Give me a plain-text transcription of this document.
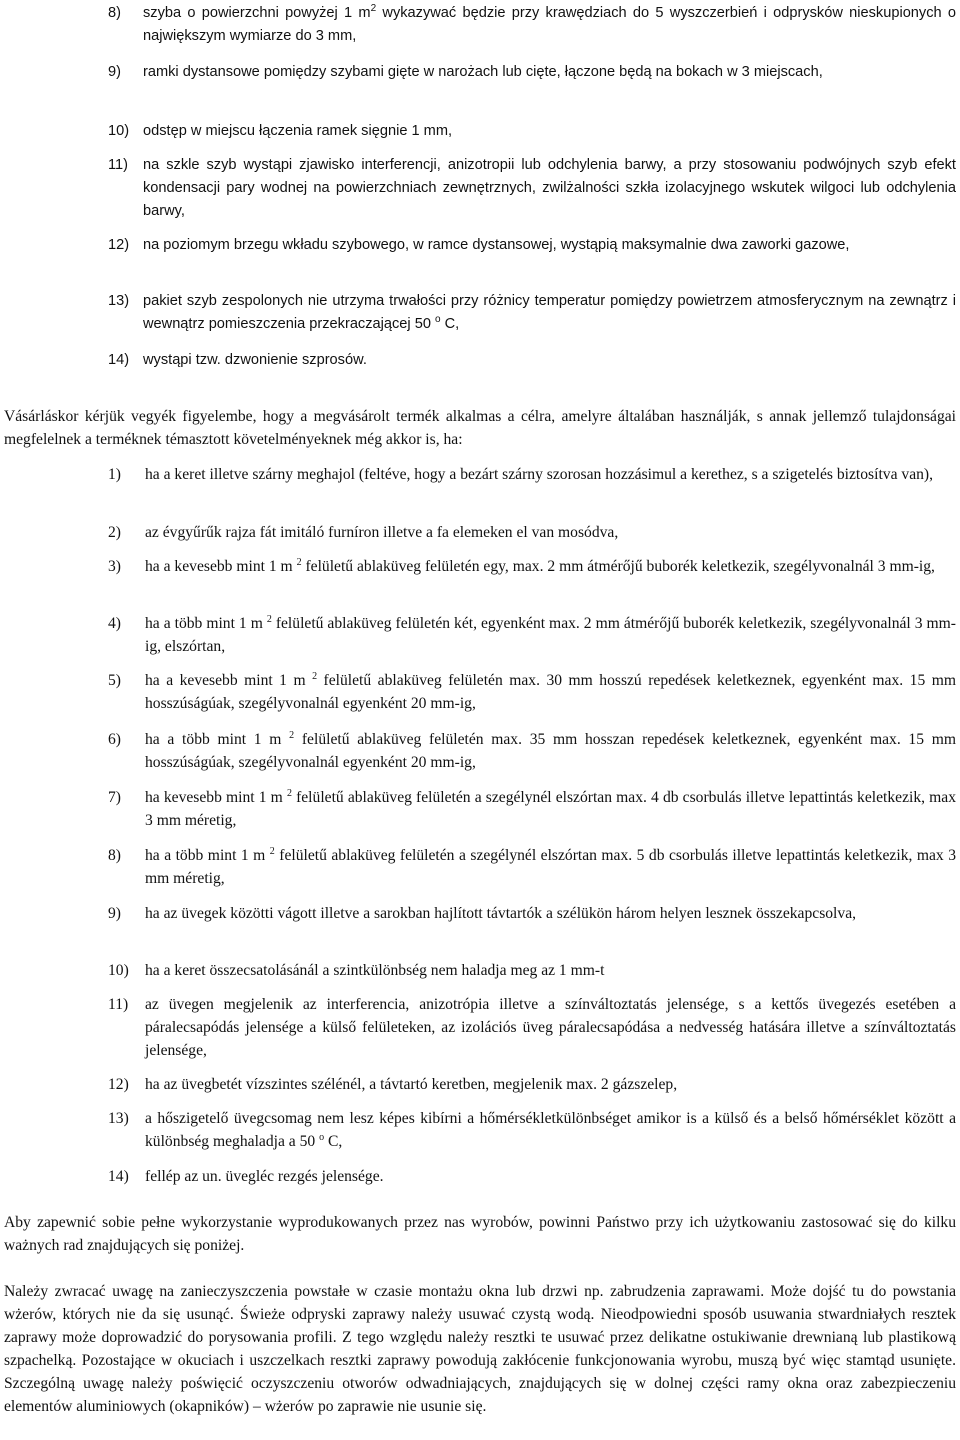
8) szyba o powierzchni powyżej 1 $m^2$ wykazywać będzie przy krawędziach do 5 wyszczerbień i odprysków nieskupionych o największym wymiarze do 3 mm,
9) ramki dystansowe pomiędzy szybami gięte w narożach lub cięte, łączone będą na bokach w 3 miejscach,
10) odstęp w miejscu łączenia ramek sięgnie 1 mm,
11) na szkle szyb wystąpi zjawisko interferencji, anizotropii lub odchylenia barwy, a przy stosowaniu podwójnych szyb efekt kondensacji pary wodnej na powierzchniach zewnętrznych, zwilżalności szkła izolacyjnego wskutek wilgoci lub odchylenia barwy,
12) na poziomym brzegu wkładu szybowego, w ramce dystansowej, wystąpią maksymalnie dwa zaworki gazowe,
13) pakiet szyb zespolonych nie utrzyma trwałości przy różnicy temperatur pomiędzy powietrzem atmosferycznym na zewnątrz i wewnątrz pomieszczenia przekraczającej 50 $^o$ C,
14) wystąpi tzw. dzwonienie szprosów.
Vásárláskor kérjük vegyék figyelembe, hogy a megvásárolt termék alkalmas a célra, amelyre általában használják, s annak jellemző tulajdonságai megfelelnek a terméknek témasztott követelményeknek még akkor is, ha:
1) ha a keret illetve szárny meghajol (feltéve, hogy a bezárt szárny szorosan hozzásimul a kerethez, s a szigetelés biztosítva van),
2) az évgyűrűk rajza fát imitáló furníron illetve a fa elemeken el van mosódva,
3) ha a kevesebb mint 1 m $^2$ felületű ablaküveg felületén egy, max. 2 mm átmérőjű buborék keletkezik, szegélyvonalnál 3 mm-ig,
4) ha a több mint 1 m $^2$ felületű ablaküveg felületén két, egyenként max. 2 mm átmérőjű buborék keletkezik, szegélyvonalnál 3 mm-ig, elszórtan,
5) ha a kevesebb mint 1 m $^2$ felületű ablaküveg felületén max. 30 mm hosszú repedések keletkeznek, egyenként max. 15 mm hosszúságúak, szegélyvonalnál egyenként 20 mm-ig,
6) ha a több mint 1 m $^2$ felületű ablaküveg felületén max. 35 mm hosszan repedések keletkeznek, egyenként max. 15 mm hosszúságúak, szegélyvonalnál egyenként 20 mm-ig,
7) ha kevesebb mint 1 m $^2$ felületű ablaküveg felületén a szegélynél elszórtan max. 4 db csorbulás illetve lepattintás keletkezik, max 3 mm méretig,
8) ha a több mint 1 m $^2$ felületű ablaküveg felületén a szegélynél elszórtan max. 5 db csorbulás illetve lepattintás keletkezik, max 3 mm méretig,
9) ha az üvegek közötti vágott illetve a sarokban hajlított távtartók a szélükön három helyen lesznek összekapcsolva,
10) ha a keret összecsatolásánál a szintkülönbség nem haladja meg az 1 mm-t
11) az üvegen megjelenik az interferencia, anizotrópia illetve a színváltoztatás jelensége, s a kettős üvegezés esetében a páralecsapódás jelensége a külső felületeken, az izolációs üveg páralecsapódása a nedvesség hatására illetve a színváltoztatás jelensége,
12) ha az üvegbetét vízszintes szélénél, a távtartó keretben, megjelenik max. 2 gázszelep,
13) a hőszigetelő üvegcsomag nem lesz képes kibírni a hőmérsékletkülönbséget amikor is a külső és a belső hőmérséklet között a különbség meghaladja a 50 $^o$ C,
14) fellép az un. üvegléc rezgés jelensége.
Aby zapewnić sobie pełne wykorzystanie wyprodukowanych przez nas wyrobów, powinni Państwo przy ich użytkowaniu zastosować się do kilku ważnych rad znajdujących się poniżej.
Należy zwracać uwagę na zanieczyszczenia powstałe w czasie montażu okna lub drzwi np. zabrudzenia zaprawami. Może dojść tu do powstania wżerów, których nie da się usunąć. Świeże odpryski zaprawy należy usuwać czystą wodą. Nieodpowiedni sposób usuwania stwardniałych resztek zaprawy może doprowadzić do porysowania profili. Z tego względu należy resztki te usuwać przez delikatne ostukiwanie drewnianą lub plastikową szpachelką. Pozostające w okuciach i uszczelkach resztki zaprawy powodują zakłócenie funkcjonowania wyrobu, muszą być więc stamtąd usunięte. Szczególną uwagę należy poświęcić oczyszczeniu otworów odwadniających, znajdujących się w dolnej części ramy okna oraz zabezpieczeniu elementów aluminiowych (okapników) – wżerów po zaprawie nie usunie się.
